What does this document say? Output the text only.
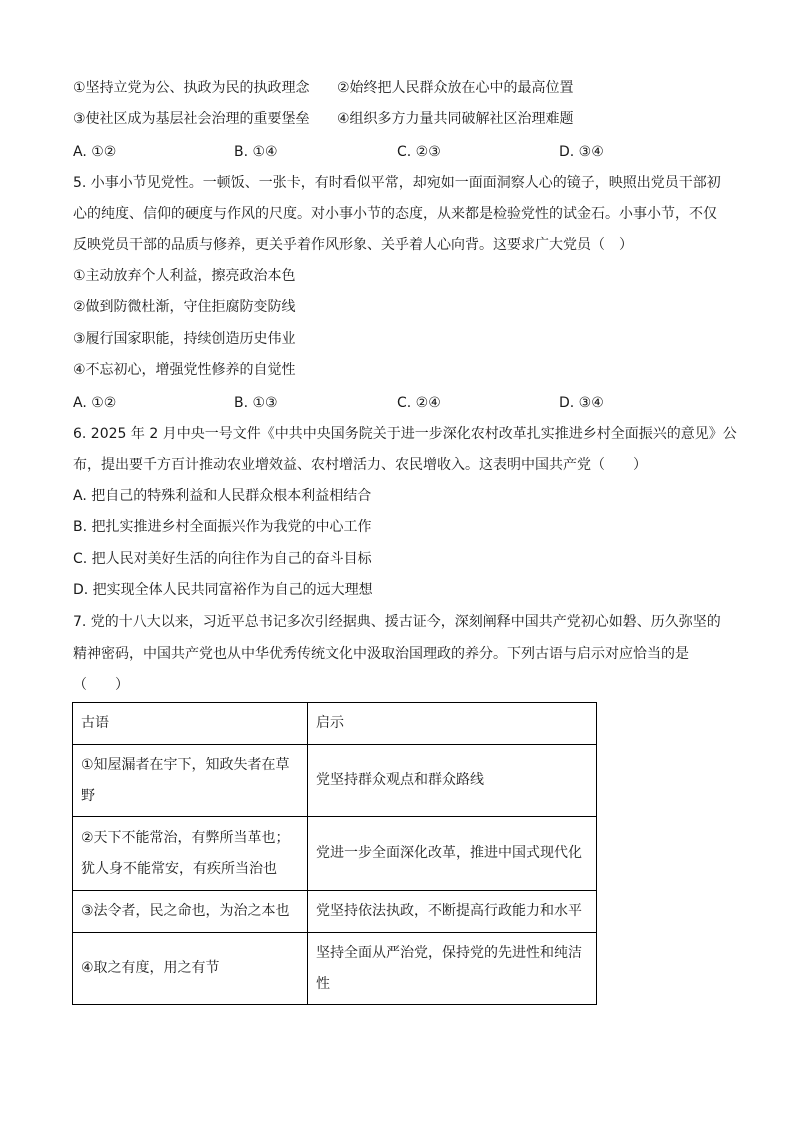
①坚持立党为公、执政为民的执政理念 ②始终把人民群众放在心中的最高位置
③使社区成为基层社会治理的重要堡垒 ④组织多方力量共同破解社区治理难题
A. ①②	B. ①④	C. ②③	D. ③④
5. 小事小节见党性。一顿饭、一张卡，有时看似平常，却宛如一面面洞察人心的镜子，映照出党员干部初
心的纯度、信仰的硬度与作风的尺度。对小事小节的态度，从来都是检验党性的试金石。小事小节，不仅
反映党员干部的品质与修养，更关乎着作风形象、关乎着人心向背。这要求广大党员（　）
①主动放弃个人利益，擦亮政治本色
②做到防微杜渐，守住拒腐防变防线
③履行国家职能，持续创造历史伟业
④不忘初心，增强党性修养的自觉性
A. ①②	B. ①③	C. ②④	D. ③④
6. 2025 年 2 月中央一号文件《中共中央国务院关于进一步深化农村改革扎实推进乡村全面振兴的意见》公
布，提出要千方百计推动农业增效益、农村增活力、农民增收入。这表明中国共产党（　　）
A. 把自己的特殊利益和人民群众根本利益相结合
B. 把扎实推进乡村全面振兴作为我党的中心工作
C. 把人民对美好生活的向往作为自己的奋斗目标
D. 把实现全体人民共同富裕作为自己的远大理想
7. 党的十八大以来，习近平总书记多次引经据典、援古证今，深刻阐释中国共产党初心如磐、历久弥坚的
精神密码，中国共产党也从中华优秀传统文化中汲取治国理政的养分。下列古语与启示对应恰当的是
（　　）
古语	启示
①知屋漏者在宇下，知政失者在草野	党坚持群众观点和群众路线
②天下不能常治，有弊所当革也；犹人身不能常安，有疾所当治也	党进一步全面深化改革，推进中国式现代化
③法令者，民之命也，为治之本也	党坚持依法执政，不断提高行政能力和水平
④取之有度，用之有节	坚持全面从严治党，保持党的先进性和纯洁性
